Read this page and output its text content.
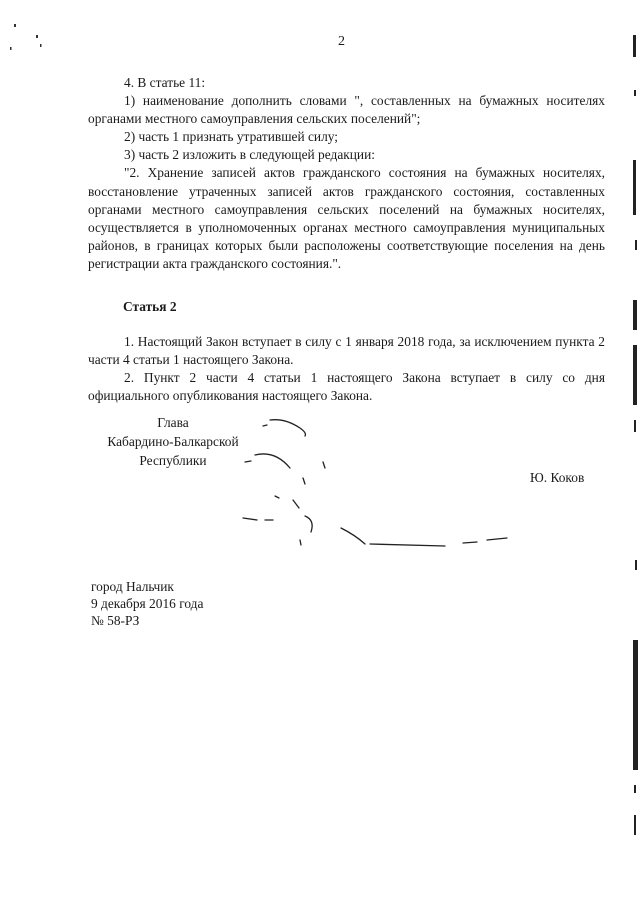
2

4. В статье 11:

1) наименование дополнить словами ", составленных на бумажных носителях органами местного самоуправления сельских поселений";

2) часть 1 признать утратившей силу;

3) часть 2 изложить в следующей редакции:

"2. Хранение записей актов гражданского состояния на бумажных носителях, восстановление утраченных записей актов гражданского состояния, составленных органами местного самоуправления сельских поселений на бумажных носителях, осуществляется в уполномоченных органах местного самоуправления муниципальных районов, в границах которых были расположены соответствующие поселения на день регистрации акта гражданского состояния.".

Статья 2

1. Настоящий Закон вступает в силу с 1 января 2018 года, за исключением пункта 2 части 4 статьи 1 настоящего Закона.

2. Пункт 2 части 4 статьи 1 настоящего Закона вступает в силу со дня официального опубликования настоящего Закона.

Глава
Кабардино-Балкарской
Республики
Ю. Коков
город Нальчик
9 декабря 2016 года
№ 58-РЗ
